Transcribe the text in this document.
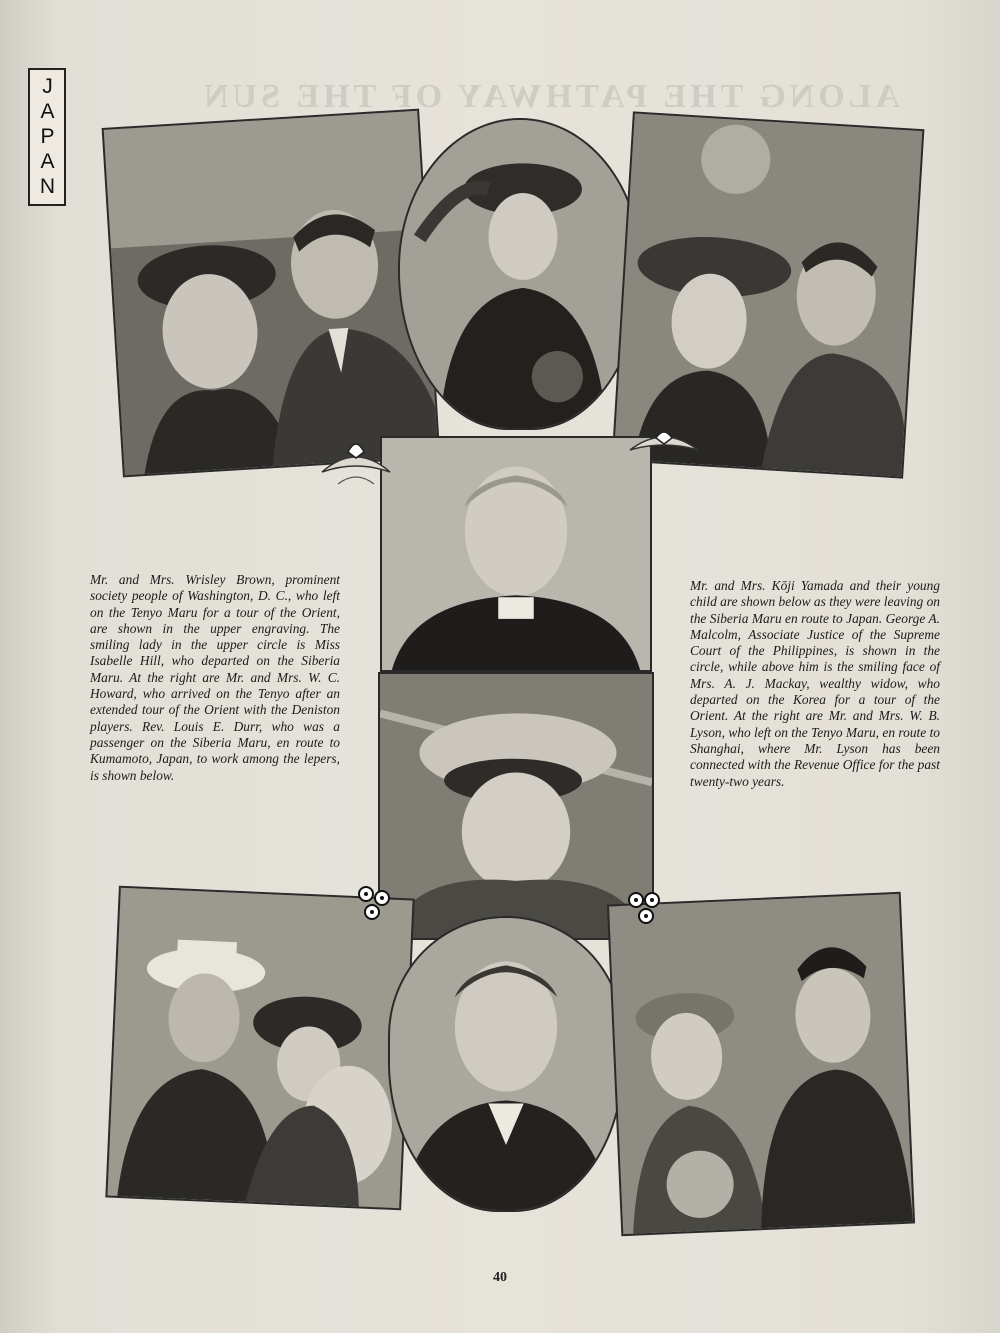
ALONG THE PATHWAY OF THE SUN
JAPAN

Mr. and Mrs. Wrisley Brown, prominent society people of Washington, D. C., who left on the Tenyo Maru for a tour of the Orient, are shown in the upper engraving. The smiling lady in the upper circle is Miss Isabelle Hill, who departed on the Siberia Maru. At the right are Mr. and Mrs. W. C. Howard, who arrived on the Tenyo after an extended tour of the Orient with the Deniston players. Rev. Louis E. Durr, who was a passenger on the Siberia Maru, en route to Kumamoto, Japan, to work among the lepers, is shown below.

Mr. and Mrs. Kōji Yamada and their young child are shown below as they were leaving on the Siberia Maru en route to Japan. George A. Malcolm, Associate Justice of the Supreme Court of the Philippines, is shown in the circle, while above him is the smiling face of Mrs. A. J. Mackay, wealthy widow, who departed on the Korea for a tour of the Orient. At the right are Mr. and Mrs. W. B. Lyson, who left on the Tenyo Maru, en route to Shanghai, where Mr. Lyson has been connected with the Revenue Office for the past twenty-two years.

40
